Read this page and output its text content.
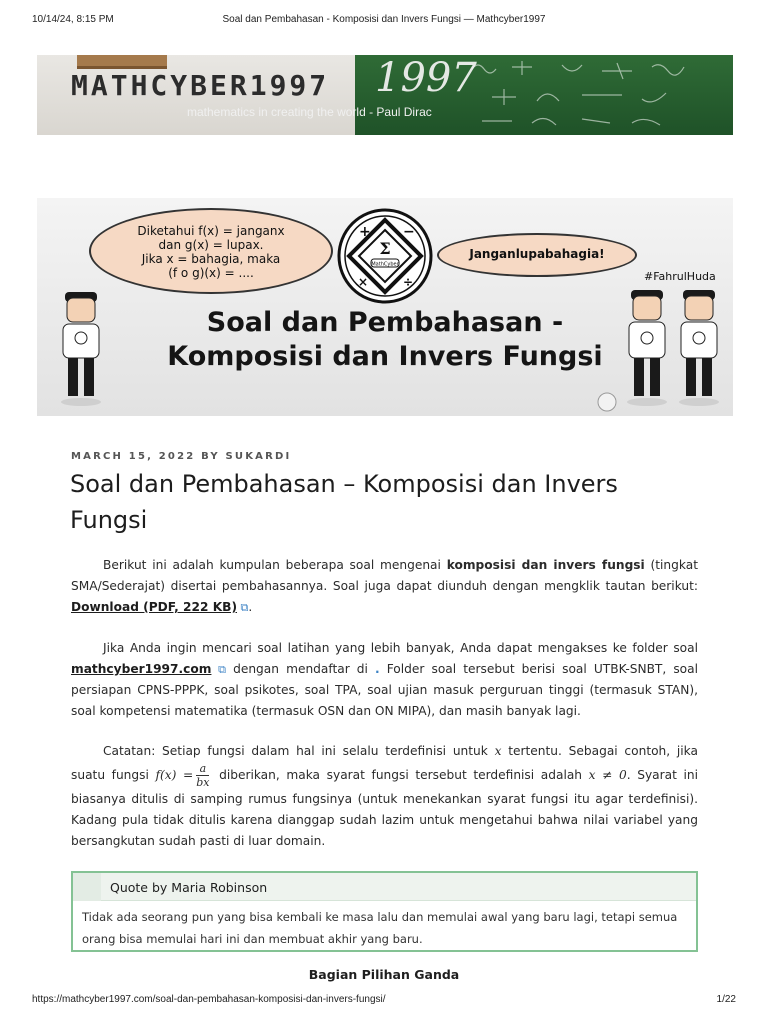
10/14/24, 8:15 PM	Soal dan Pembahasan - Komposisi dan Invers Fungsi — Mathcyber1997
1997
MATHCYBER1997
mathematics in creating the world - Paul Dirac
Diketahui f(x) = janganx
dan g(x) = lupax.
Jika x = bahagia, maka
(f o g)(x) = ....
Σ
MathCyber
+ −
×	÷
Janganlupabahagia!
#FahrulHuda
Soal dan Pembahasan -
Komposisi dan Invers Fungsi
MARCH 15, 2022 BY SUKARDI
Soal dan Pembahasan – Komposisi dan Invers Fungsi

Berikut ini adalah kumpulan beberapa soal mengenai komposisi dan invers fungsi (tingkat SMA/Sederajat) disertai pembahasannya. Soal juga dapat diunduh dengan mengklik tautan berikut: Download (PDF, 222 KB) ⧉.

Jika Anda ingin mencari soal latihan yang lebih banyak, Anda dapat mengakses ke folder soal mathcyber1997.com ⧉ dengan mendaftar di . Folder soal tersebut berisi soal UTBK-SNBT, soal persiapan CPNS-PPPK, soal psikotes, soal TPA, soal ujian masuk perguruan tinggi (termasuk STAN), soal kompetensi matematika (termasuk OSN dan ON MIPA), dan masih banyak lagi.

Catatan: Setiap fungsi dalam hal ini selalu terdefinisi untuk x tertentu. Sebagai contoh, jika suatu fungsi $f(x) = \frac{a}{bx}$ diberikan, maka syarat fungsi tersebut terdefinisi adalah x ≠ 0. Syarat ini biasanya ditulis di samping rumus fungsinya (untuk menekankan syarat fungsi itu agar terdefinisi). Kadang pula tidak ditulis karena dianggap sudah lazim untuk mengetahui bahwa nilai variabel yang bersangkutan sudah pasti di luar domain.

Quote by Maria Robinson
Tidak ada seorang pun yang bisa kembali ke masa lalu dan memulai awal yang baru lagi, tetapi semua orang bisa memulai hari ini dan membuat akhir yang baru.
Bagian Pilihan Ganda
https://mathcyber1997.com/soal-dan-pembahasan-komposisi-dan-invers-fungsi/	1/22
